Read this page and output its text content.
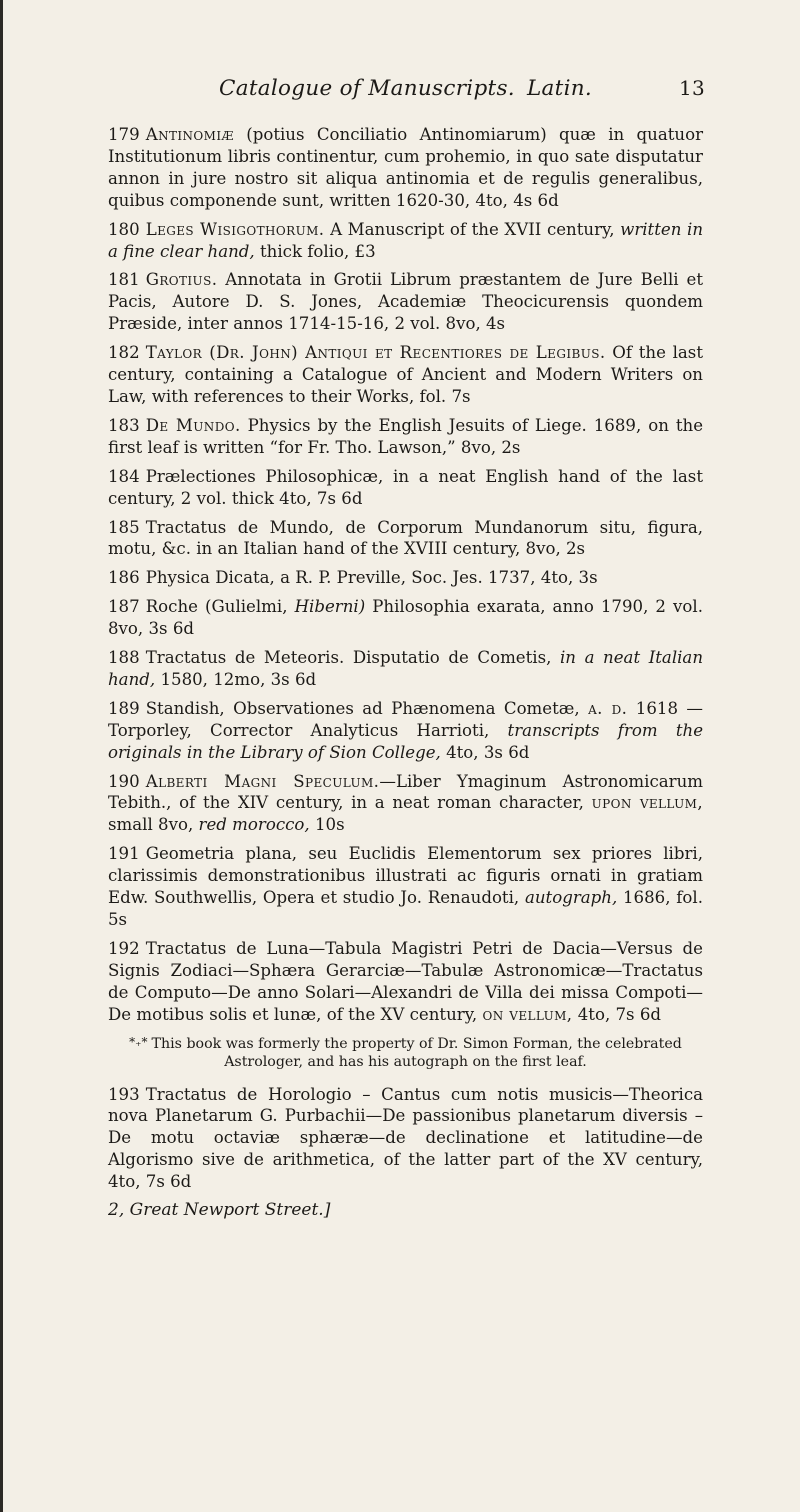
Catalogue of Manuscripts. Latin.	13

179 Antinomiæ (potius Conciliatio Antinomiarum) quæ in quatuor Institutionum libris continentur, cum prohemio, in quo sate disputatur annon in jure nostro sit aliqua antinomia et de regulis generalibus, quibus componende sunt, written 1620-30, 4to, 4s 6d

180 Leges Wisigothorum. A Manuscript of the XVII century, written in a fine clear hand, thick folio, £3

181 Grotius. Annotata in Grotii Librum præstantem de Jure Belli et Pacis, Autore D. S. Jones, Academiæ Theocicurensis quondem Præside, inter annos 1714-15-16, 2 vol. 8vo, 4s

182 Taylor (Dr. John) Antiqui et Recentiores de Legibus. Of the last century, containing a Catalogue of Ancient and Modern Writers on Law, with references to their Works, fol. 7s

183 De Mundo. Physics by the English Jesuits of Liege. 1689, on the first leaf is written “for Fr. Tho. Lawson,” 8vo, 2s

184 Prælectiones Philosophicæ, in a neat English hand of the last century, 2 vol. thick 4to, 7s 6d

185 Tractatus de Mundo, de Corporum Mundanorum situ, figura, motu, &c. in an Italian hand of the XVIII century, 8vo, 2s

186 Physica Dicata, a R. P. Preville, Soc. Jes. 1737, 4to, 3s

187 Roche (Gulielmi, Hiberni) Philosophia exarata, anno 1790, 2 vol. 8vo, 3s 6d

188 Tractatus de Meteoris. Disputatio de Cometis, in a neat Italian hand, 1580, 12mo, 3s 6d

189 Standish, Observationes ad Phænomena Cometæ, a. d. 1618 —Torporley, Corrector Analyticus Harrioti, transcripts from the originals in the Library of Sion College, 4to, 3s 6d

190 Alberti Magni Speculum.—Liber Ymaginum Astronomicarum Tebith., of the XIV century, in a neat roman character, upon vellum, small 8vo, red morocco, 10s

191 Geometria plana, seu Euclidis Elementorum sex priores libri, clarissimis demonstrationibus illustrati ac figuris ornati in gratiam Edw. Southwellis, Opera et studio Jo. Renaudoti, autograph, 1686, fol. 5s

192 Tractatus de Luna—Tabula Magistri Petri de Dacia—Versus de Signis Zodiaci—Sphæra Gerarciæ—Tabulæ Astronomicæ—Tractatus de Computo—De anno Solari—Alexandri de Villa dei missa Compoti—De motibus solis et lunæ, of the XV century, on vellum, 4to, 7s 6d

*₊* This book was formerly the property of Dr. Simon Forman, the celebrated Astrologer, and has his autograph on the first leaf.

193 Tractatus de Horologio – Cantus cum notis musicis—Theorica nova Planetarum G. Purbachii—De passionibus planetarum diversis – De motu octaviæ sphæræ—de declinatione et latitudine—de Algorismo sive de arithmetica, of the latter part of the XV century, 4to, 7s 6d

2, Great Newport Street.]
